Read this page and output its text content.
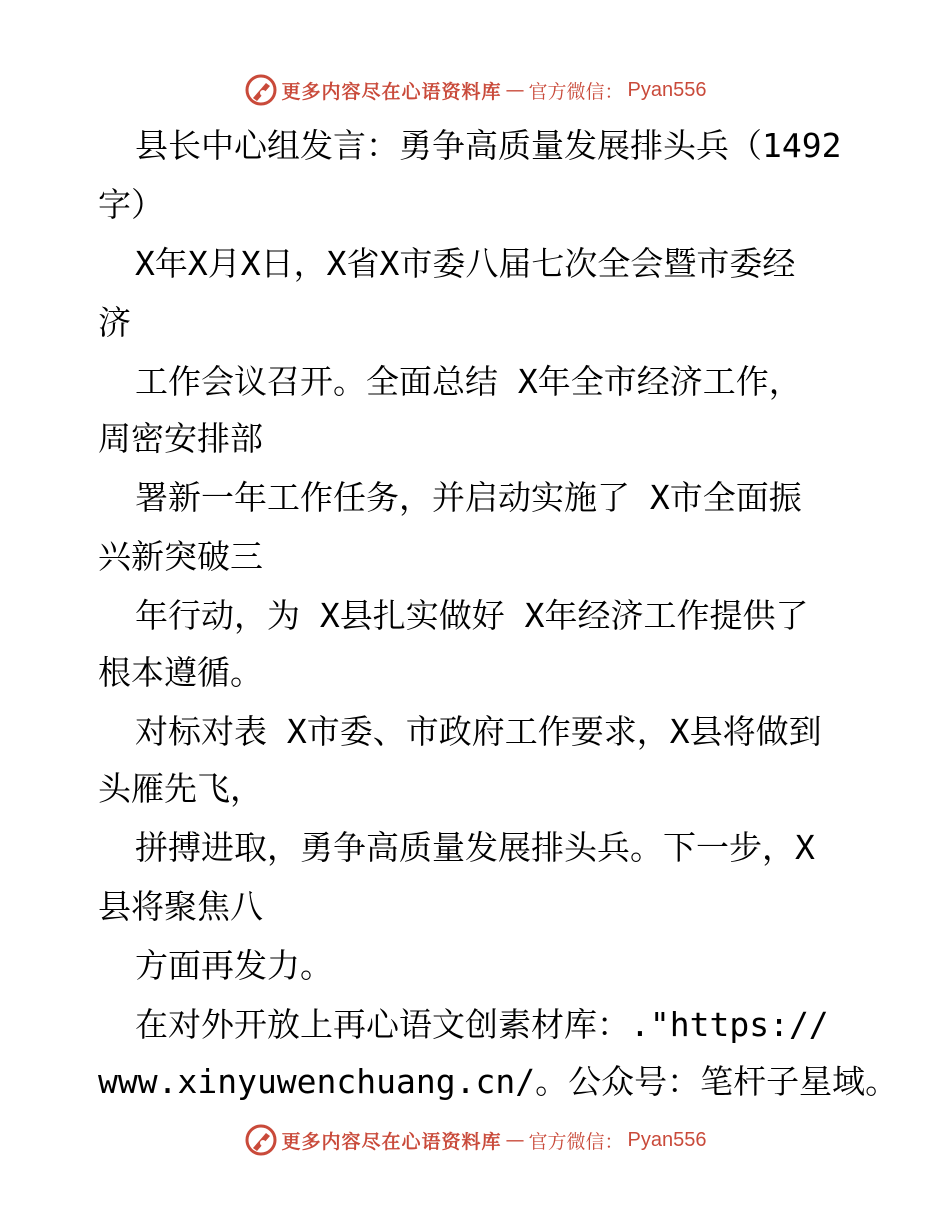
更多内容尽在心语资料库 — 官方微信： Pyan556
县长中心组发言：勇争高质量发展排头兵（1492
字）
X年X月X日，X省X市委八届七次全会暨市委经
济
工作会议召开。全面总结 X年全市经济工作，
周密安排部
署新一年工作任务，并启动实施了 X市全面振
兴新突破三
年行动，为 X县扎实做好 X年经济工作提供了
根本遵循。
对标对表 X市委、市政府工作要求，X县将做到
头雁先飞，
拼搏进取，勇争高质量发展排头兵。下一步，X
县将聚焦八
方面再发力。
在对外开放上再心语文创素材库：."https://
www.xinyuwenchuang.cn/。公众号：笔杆子星域。
更多内容尽在心语资料库 — 官方微信： Pyan556
